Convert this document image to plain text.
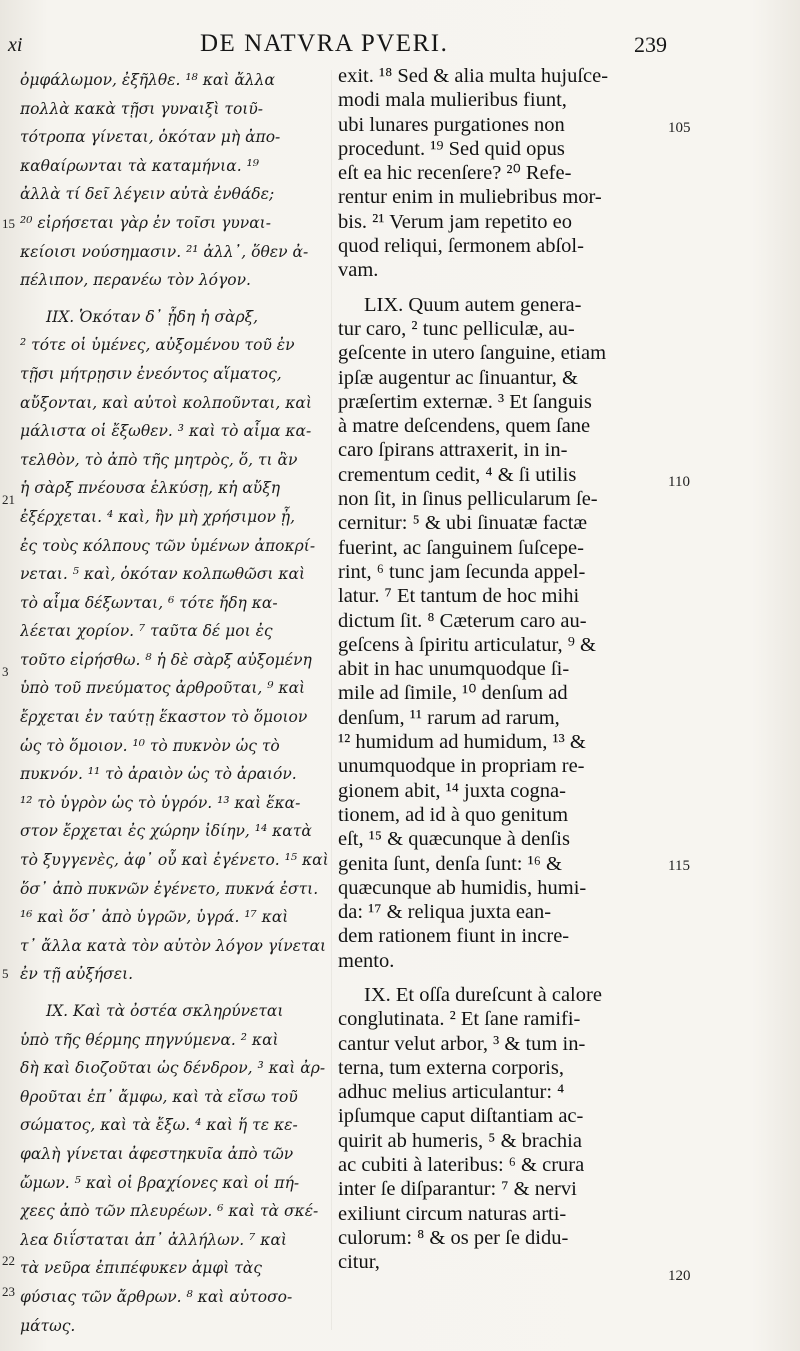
xi	DE NATVRA PVERI.	239
ὀμφάλωμον, ἐξῆλθε. ¹⁸ καὶ ἄλλα
πολλὰ κακὰ τῇσι γυναιξὶ τοιῦ-
τότροπα γίνεται, ὁκόταν μὴ ἀπο-
καθαίρωνται τὰ καταμήνια. ¹⁹
ἀλλὰ τί δεῖ λέγειν αὐτὰ ἐνθάδε;
²⁰ εἰρήσεται γὰρ ἐν τοῖσι γυναι-
κείοισι νούσημασιν. ²¹ ἀλλ᾽, ὅθεν ἀ-
πέλιπον, περανέω τὸν λόγον.
IIX. Ὁκόταν δ᾽ ᾖδη ἡ σὰρξ,
² τότε οἱ ὑμένες, αὐξομένου τοῦ ἐν
τῇσι μήτρῃσιν ἐνεόντος αἵματος,
αὔξονται, καὶ αὐτοὶ κολποῦνται, καὶ
μάλιστα οἱ ἔξωθεν. ³ καὶ τὸ αἷμα κα-
τελθὸν, τὸ ἀπὸ τῆς μητρὸς, ὅ, τι ἂν
ἡ σὰρξ πνέουσα ἑλκύσῃ, κἡ αὔξη
ἐξέρχεται. ⁴ καὶ, ἢν μὴ χρήσιμον ᾖ,
ἐς τοὺς κόλπους τῶν ὑμένων ἀποκρί-
νεται. ⁵ καὶ, ὁκόταν κολπωθῶσι καὶ
τὸ αἷμα δέξωνται, ⁶ τότε ἤδη κα-
λέεται χορίον. ⁷ ταῦτα δέ μοι ἐς
τοῦτο εἰρήσθω. ⁸ ἡ δὲ σὰρξ αὐξομένη
ὑπὸ τοῦ πνεύματος ἀρθροῦται, ⁹ καὶ
ἔρχεται ἐν ταύτῃ ἕκαστον τὸ ὅμοιον
ὡς τὸ ὅμοιον. ¹⁰ τὸ πυκνὸν ὡς τὸ
πυκνόν. ¹¹ τὸ ἀραιὸν ὡς τὸ ἀραιόν.
¹² τὸ ὑγρὸν ὡς τὸ ὑγρόν. ¹³ καὶ ἕκα-
στον ἔρχεται ἐς χώρην ἰδίην, ¹⁴ κατὰ
τὸ ξυγγενὲς, ἀφ᾽ οὗ καὶ ἐγένετο. ¹⁵ καὶ
ὅσ᾽ ἀπὸ πυκνῶν ἐγένετο, πυκνά ἐστι.
¹⁶ καὶ ὅσ᾽ ἀπὸ ὑγρῶν, ὑγρά. ¹⁷ καὶ
τ᾽ ἄλλα κατὰ τὸν αὐτὸν λόγον γίνεται
ἐν τῇ αὐξήσει.
IX. Καὶ τὰ ὀστέα σκληρύνεται
ὑπὸ τῆς θέρμης πηγνύμενα. ² καὶ
δὴ καὶ διοζοῦται ὡς δένδρον, ³ καὶ ἀρ-
θροῦται ἐπ᾽ ἄμφω, καὶ τὰ εἴσω τοῦ
σώματος, καὶ τὰ ἔξω. ⁴ καὶ ἥ τε κε-
φαλὴ γίνεται ἀφεστηκυῖα ἀπὸ τῶν
ὤμων. ⁵ καὶ οἱ βραχίονες καὶ οἱ πή-
χεες ἀπὸ τῶν πλευρέων. ⁶ καὶ τὰ σκέ-
λεα διΐσταται ἀπ᾽ ἀλλήλων. ⁷ καὶ
τὰ νεῦρα ἐπιπέφυκεν ἀμφὶ τὰς
φύσιας τῶν ἄρθρων. ⁸ καὶ αὐτοσο-
μάτως.
exit. ¹⁸ Sed & alia multa hujuſce-
modi mala mulieribus fiunt,
ubi lunares purgationes non
procedunt. ¹⁹ Sed quid opus
eſt ea hic recenſere? ²⁰ Refe-
rentur enim in muliebribus mor-
bis. ²¹ Verum jam repetito eo
quod reliqui, ſermonem abſol-
vam.
LIX. Quum autem genera-
tur caro, ² tunc pelliculæ, au-
geſcente in utero ſanguine, etiam
ipſæ augentur ac ſinuantur, &
præſertim externæ. ³ Et ſanguis
à matre deſcendens, quem ſane
caro ſpirans attraxerit, in in-
crementum cedit, ⁴ & ſi utilis
non ſit, in ſinus pellicularum ſe-
cernitur: ⁵ & ubi ſinuatæ factæ
fuerint, ac ſanguinem ſuſcepe-
rint, ⁶ tunc jam ſecunda appel-
latur. ⁷ Et tantum de hoc mihi
dictum ſit. ⁸ Cæterum caro au-
geſcens à ſpiritu articulatur, ⁹ &
abit in hac unumquodque ſi-
mile ad ſimile, ¹⁰ denſum ad
denſum, ¹¹ rarum ad rarum,
¹² humidum ad humidum, ¹³ &
unumquodque in propriam re-
gionem abit, ¹⁴ juxta cogna-
tionem, ad id à quo genitum
eſt, ¹⁵ & quæcunque à denſis
genita ſunt, denſa ſunt: ¹⁶ &
quæcunque ab humidis, humi-
da: ¹⁷ & reliqua juxta ean-
dem rationem fiunt in incre-
mento.
IX. Et oſſa dureſcunt à calore
conglutinata. ² Et ſane ramifi-
cantur velut arbor, ³ & tum in-
terna, tum externa corporis,
adhuc melius articulantur: ⁴
ipſumque caput diſtantiam ac-
quirit ab humeris, ⁵ & brachia
ac cubiti à lateribus: ⁶ & crura
inter ſe diſparantur: ⁷ & nervi
exiliunt circum naturas arti-
culorum: ⁸ & os per ſe didu-
citur,
15
21
3
5
22
23
105
110
115
120
